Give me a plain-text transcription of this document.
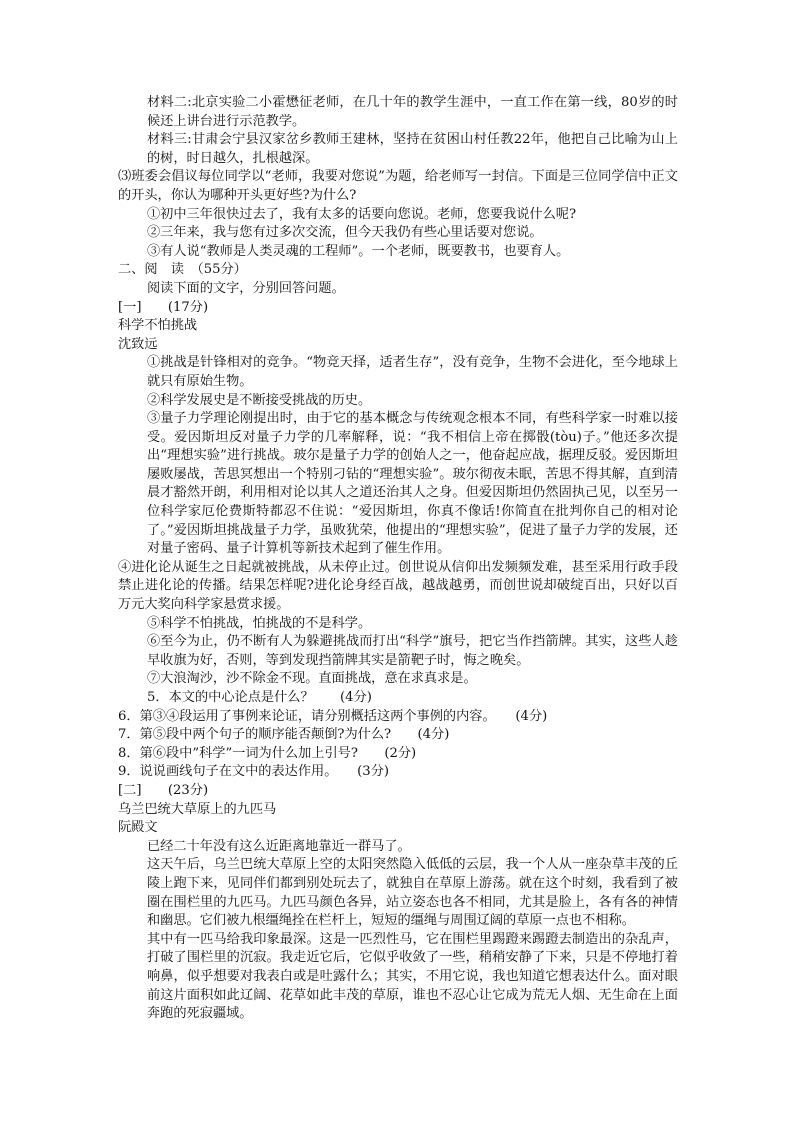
材料二:北京实验二小霍懋征老师，在几十年的教学生涯中，一直工作在第一线，80岁的时候还上讲台进行示范教学。

材料三:甘肃会宁县汉家岔乡教师王建林，坚持在贫困山村任教22年，他把自己比喻为山上的树，时日越久，扎根越深。

⑶班委会倡议每位同学以“老师，我要对您说”为题，给老师写一封信。下面是三位同学信中正文的开头，你认为哪种开头更好些?为什么?

①初中三年很快过去了，我有太多的话要向您说。老师，您要我说什么呢?

②三年来，我与您有过多次交流，但今天我仍有些心里话要对您说。

③有人说“教师是人类灵魂的工程师”。一个老师，既要教书，也要育人。

二、阅　读　（55分）

阅读下面的文字，分别回答问题。

[一]　　(17分)

科学不怕挑战

沈致远

①挑战是针锋相对的竞争。“物竞天择，适者生存”，没有竞争，生物不会进化，至今地球上就只有原始生物。

②科学发展史是不断接受挑战的历史。

③量子力学理论刚提出时，由于它的基本概念与传统观念根本不同，有些科学家一时难以接受。爱因斯坦反对量子力学的几率解释，说：“我不相信上帝在掷骰(tòu)子。”他还多次提出“理想实验”进行挑战。玻尔是量子力学的创始人之一，他奋起应战，据理反驳。爱因斯坦屡败屡战，苦思冥想出一个特别刁钻的“理想实验”。玻尔彻夜未眠，苦思不得其解，直到清晨才豁然开朗，利用相对论以其人之道还治其人之身。但爱因斯坦仍然固执己见，以至另一位科学家厄伦费斯特都忍不住说：“爱因斯坦，你真不像话!你简直在批判你自己的相对论了。”爱因斯坦挑战量子力学，虽败犹荣，他提出的“理想实验”，促进了量子力学的发展，还对量子密码、量子计算机等新技术起到了催生作用。

④进化论从诞生之日起就被挑战，从未停止过。创世说从信仰出发频频发难，甚至采用行政手段禁止进化论的传播。结果怎样呢?进化论身经百战，越战越勇，而创世说却破绽百出，只好以百万元大奖向科学家悬赏求援。

⑤科学不怕挑战，怕挑战的不是科学。

⑥至今为止，仍不断有人为躲避挑战而打出“科学”旗号，把它当作挡箭牌。其实，这些人趁早收旗为好，否则，等到发现挡箭牌其实是箭靶子时，悔之晚矣。

⑦大浪淘沙，沙不除金不现。直面挑战，意在求真求是。

5．本文的中心论点是什么？　　(4分)

6．第③④段运用了事例来论证，请分别概括这两个事例的内容。　　(4分)

7．第⑤段中两个句子的顺序能否颠倒?为什么?　　(4分)

8．第⑥段中”科学”一词为什么加上引号?　　(2分)

9．说说画线句子在文中的表达作用。　　(3分)

[二]　　(23分)

乌兰巴统大草原上的九匹马

阮殿文

已经二十年没有这么近距离地靠近一群马了。

这天午后，乌兰巴统大草原上空的太阳突然隐入低低的云层，我一个人从一座杂草丰茂的丘陵上跑下来，见同伴们都到别处玩去了，就独自在草原上游荡。就在这个时刻，我看到了被圈在围栏里的九匹马。九匹马颜色各异，站立姿态也各不相同，尤其是脸上，各有各的神情和幽思。它们被九根缰绳拴在栏杆上，短短的缰绳与周围辽阔的草原一点也不相称。

其中有一匹马给我印象最深。这是一匹烈性马，它在围栏里踢蹬来踢蹬去制造出的杂乱声，打破了围栏里的沉寂。我走近它后，它似乎收敛了一些，稍稍安静了下来，只是不停地打着响鼻，似乎想要对我表白或是吐露什么；其实，不用它说，我也知道它想表达什么。面对眼前这片面积如此辽阔、花草如此丰茂的草原，谁也不忍心让它成为荒无人烟、无生命在上面奔跑的死寂疆域。
